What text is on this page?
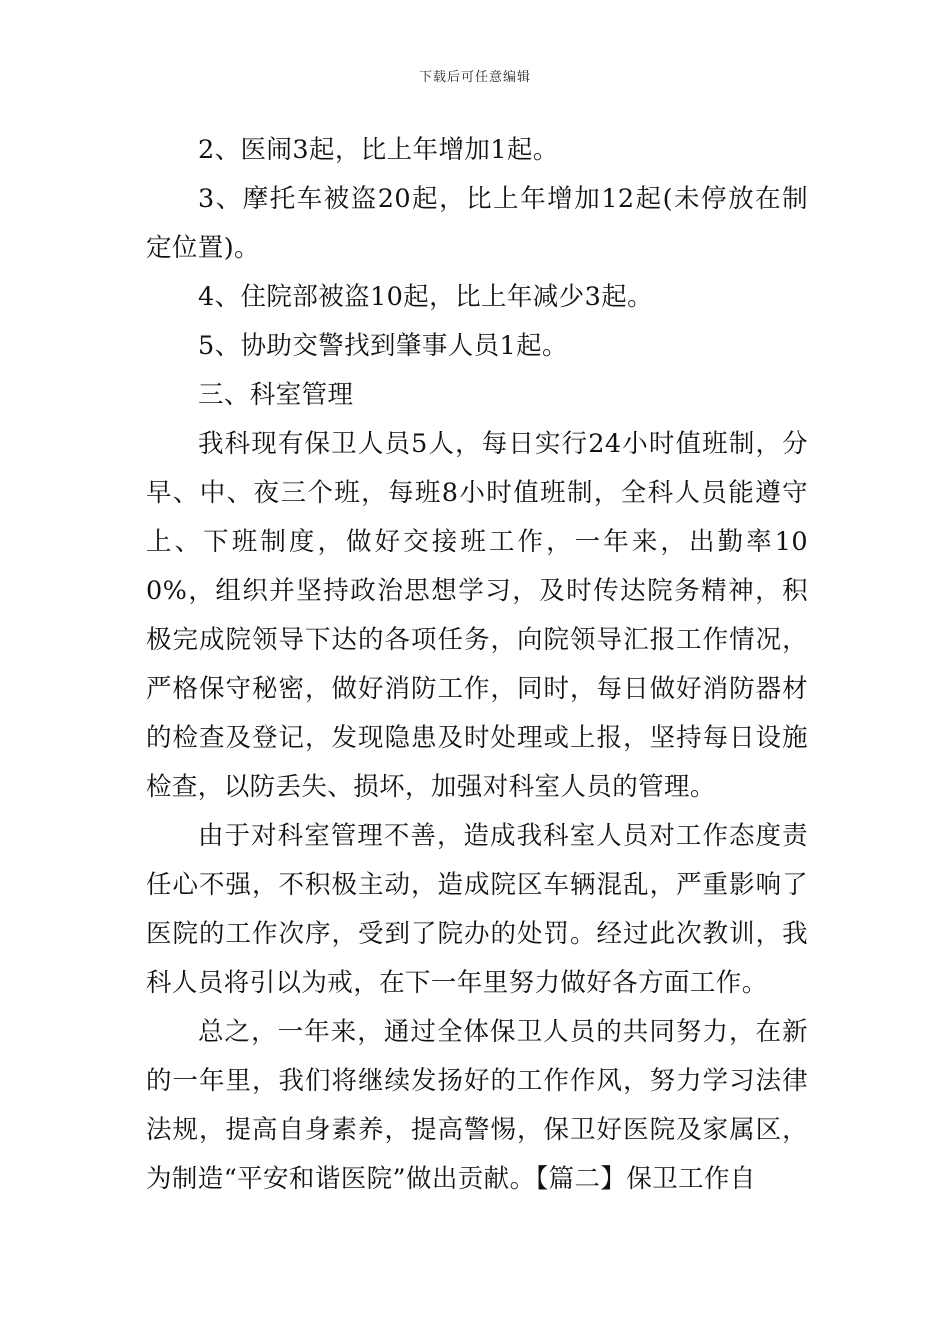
下载后可任意编辑

2、医闹3起，比上年增加1起。

3、摩托车被盗20起，比上年增加12起(未停放在制定位置)。

4、住院部被盗10起，比上年减少3起。

5、协助交警找到肇事人员1起。

三、科室管理

我科现有保卫人员5人，每日实行24小时值班制，分早、中、夜三个班，每班8小时值班制，全科人员能遵守上、下班制度，做好交接班工作，一年来，出勤率100%，组织并坚持政治思想学习，及时传达院务精神，积极完成院领导下达的各项任务，向院领导汇报工作情况，严格保守秘密，做好消防工作，同时，每日做好消防器材的检查及登记，发现隐患及时处理或上报，坚持每日设施检查，以防丢失、损坏，加强对科室人员的管理。

由于对科室管理不善，造成我科室人员对工作态度责任心不强，不积极主动，造成院区车辆混乱，严重影响了医院的工作次序，受到了院办的处罚。经过此次教训，我科人员将引以为戒，在下一年里努力做好各方面工作。

总之，一年来，通过全体保卫人员的共同努力，在新的一年里，我们将继续发扬好的工作作风，努力学习法律法规，提高自身素养，提高警惕，保卫好医院及家属区，为制造“平安和谐医院”做出贡献。【篇二】保卫工作自
